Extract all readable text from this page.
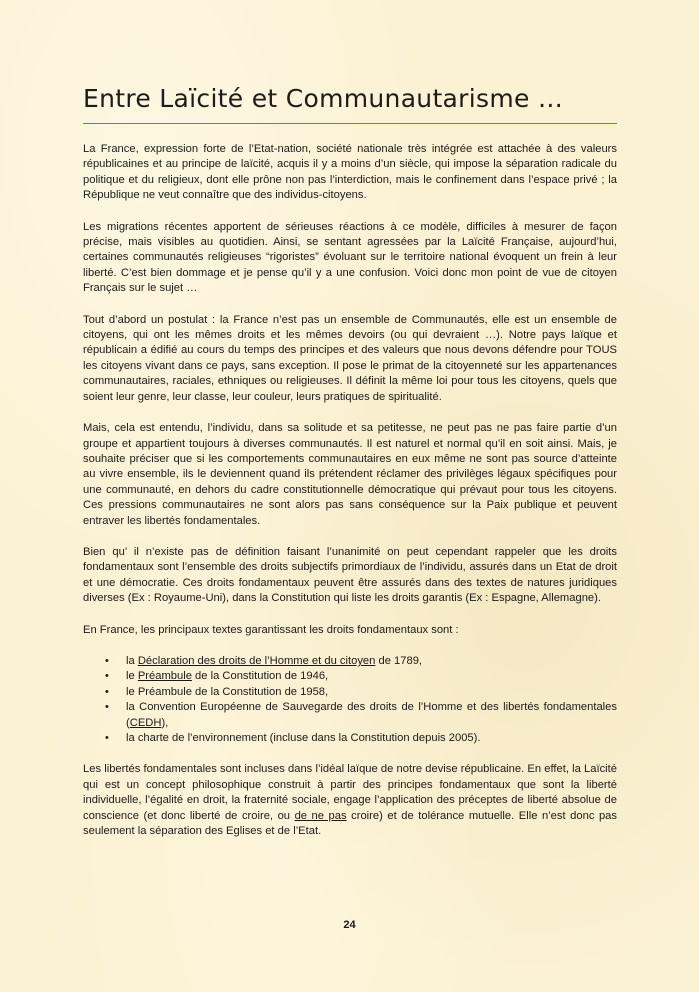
Entre Laïcité et Communautarisme …

La France, expression forte de l’Etat-nation, société nationale très intégrée est attachée à des valeurs républicaines et au principe de laïcité, acquis il y a moins d’un siècle, qui impose la séparation radicale du politique et du religieux, dont elle prône non pas l’interdiction, mais le confinement dans l’espace privé ; la République ne veut connaître que des individus-citoyens.

Les migrations récentes apportent de sérieuses réactions à ce modèle, difficiles à mesurer de façon précise, mais visibles au quotidien. Ainsi, se sentant agressées par la Laïcité Française, aujourd’hui, certaines communautés religieuses “rigoristes” évoluant sur le territoire national évoquent un frein à leur liberté. C’est bien dommage et je pense qu’il y a une confusion. Voici donc mon point de vue de citoyen Français sur le sujet …

Tout d’abord un postulat : la France n’est pas un ensemble de Communautés, elle est un ensemble de citoyens, qui ont les mêmes droits et les mêmes devoirs (ou qui devraient …). Notre pays laïque et républicain a édifié au cours du temps des principes et des valeurs que nous devons défendre pour TOUS les citoyens vivant dans ce pays, sans exception. Il pose le primat de la citoyenneté sur les appartenances communautaires, raciales, ethniques ou religieuses. Il définit la même loi pour tous les citoyens, quels que soient leur genre, leur classe, leur couleur, leurs pratiques de spiritualité.

Mais, cela est entendu, l’individu, dans sa solitude et sa petitesse, ne peut pas ne pas faire partie d’un groupe et appartient toujours à diverses communautés. Il est naturel et normal qu’il en soit ainsi. Mais, je souhaite préciser que si les comportements communautaires en eux même ne sont pas source d’atteinte au vivre ensemble, ils le deviennent quand ils prétendent réclamer des privilèges légaux spécifiques pour une communauté, en dehors du cadre constitutionnelle démocratique qui prévaut pour tous les citoyens. Ces pressions communautaires ne sont alors pas sans conséquence sur la Paix publique et peuvent entraver les libertés fondamentales.

Bien qu’ il n’existe pas de définition faisant l’unanimité on peut cependant rappeler que les droits fondamentaux sont l’ensemble des droits subjectifs primordiaux de l’individu, assurés dans un Etat de droit et une démocratie. Ces droits fondamentaux peuvent être assurés dans des textes de natures juridiques diverses (Ex : Royaume-Uni), dans la Constitution qui liste les droits garantis (Ex : Espagne, Allemagne).

En France, les principaux textes garantissant les droits fondamentaux sont :

• la Déclaration des droits de l’Homme et du citoyen de 1789,
• le Préambule de la Constitution de 1946,
• le Préambule de la Constitution de 1958,
• la Convention Européenne de Sauvegarde des droits de l’Homme et des libertés fondamentales (CEDH),
• la charte de l’environnement (incluse dans la Constitution depuis 2005).

Les libertés fondamentales sont incluses dans l’idéal laïque de notre devise républicaine. En effet, la Laïcité qui est un concept philosophique construit à partir des principes fondamentaux que sont la liberté individuelle, l’égalité en droit, la fraternité sociale, engage l’application des préceptes de liberté absolue de conscience (et donc liberté de croire, ou de ne pas croire) et de tolérance mutuelle. Elle n’est donc pas seulement la séparation des Eglises et de l’Etat.

24
